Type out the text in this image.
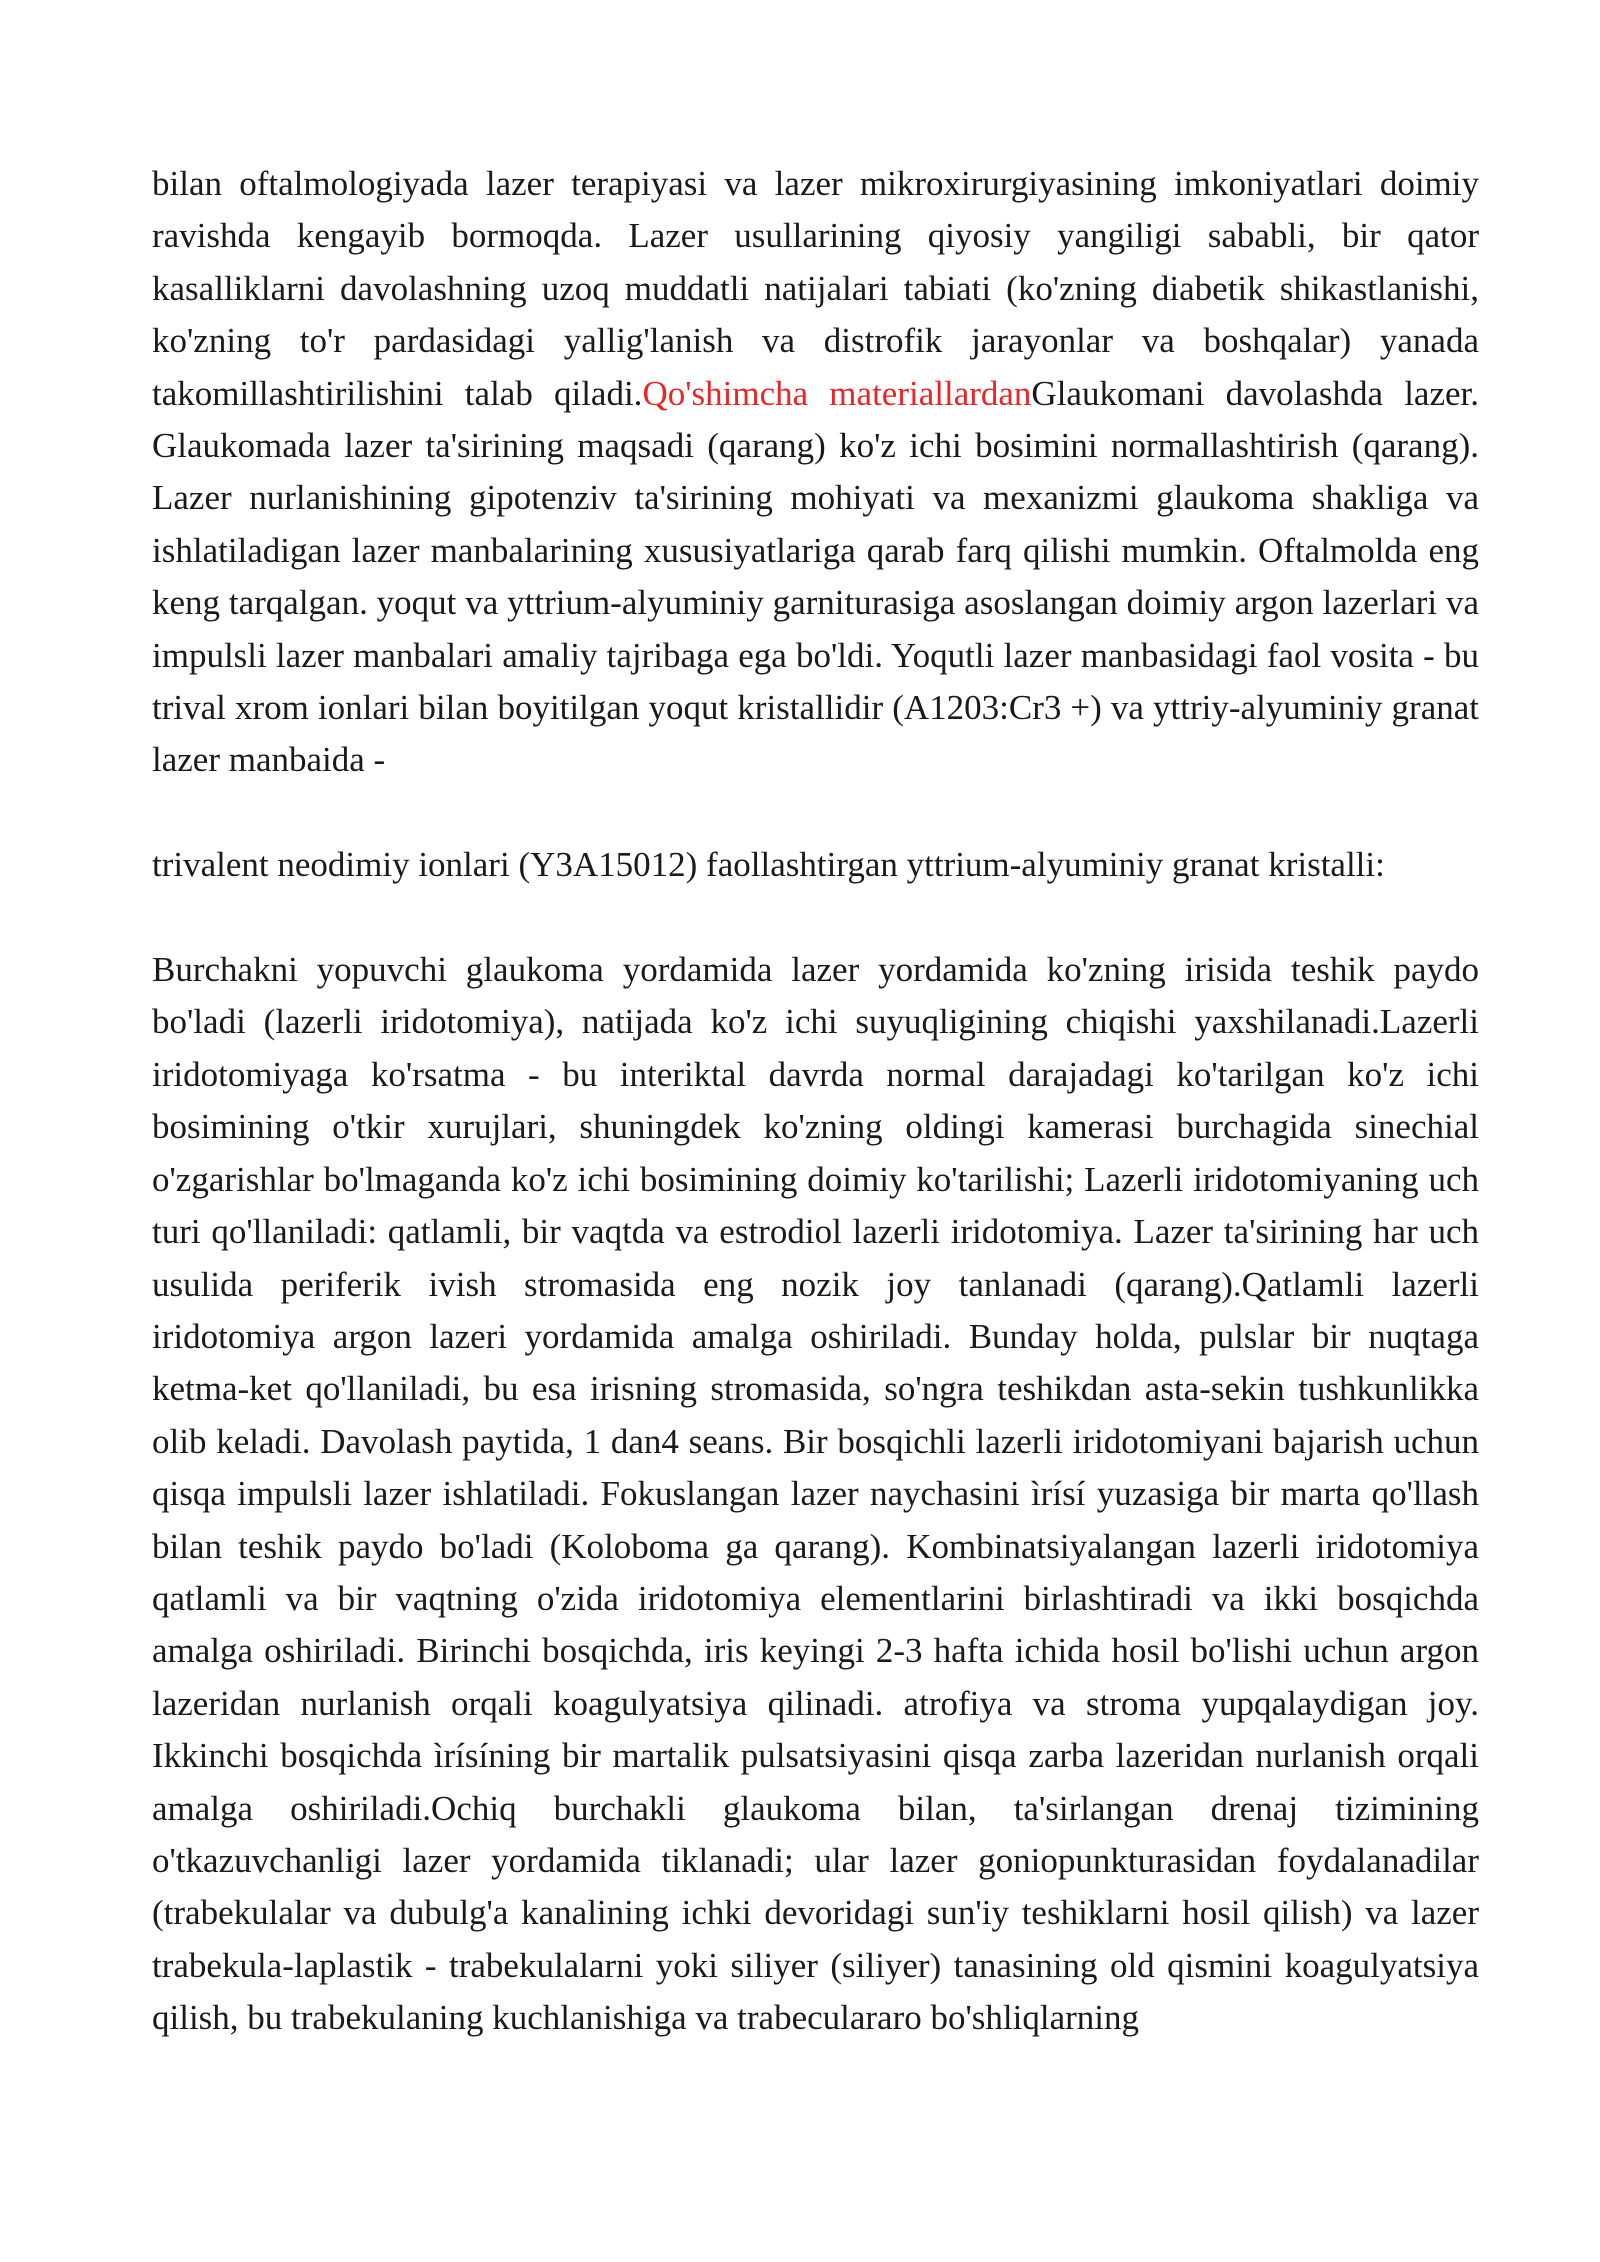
bilan oftalmologiyada lazer terapiyasi va lazer mikroxirurgiyasining imkoniyatlari doimiy ravishda kengayib bormoqda. Lazer usullarining qiyosiy yangiligi sababli, bir qator kasalliklarni davolashning uzoq muddatli natijalari tabiati (ko'zning diabetik shikastlanishi, ko'zning to'r pardasidagi yallig'lanish va distrofik jarayonlar va boshqalar) yanada takomillashtirilishini talab qiladi.Qo'shimcha materiallardanGlaukomani davolashda lazer. Glaukomada lazer ta'sirining maqsadi (qarang) ko'z ichi bosimini normallashtirish (qarang). Lazer nurlanishining gipotenziv ta'sirining mohiyati va mexanizmi glaukoma shakliga va ishlatiladigan lazer manbalarining xususiyatlariga qarab farq qilishi mumkin. Oftalmolda eng keng tarqalgan. yoqut va yttrium-alyuminiy garniturasiga asoslangan doimiy argon lazerlari va impulsli lazer manbalari amaliy tajribaga ega bo'ldi. Yoqutli lazer manbasidagi faol vosita - bu trival xrom ionlari bilan boyitilgan yoqut kristallidir (A1203:Cr3 +) va yttriy-alyuminiy granat lazer manbaida -

trivalent neodimiy ionlari (Y3A15012) faollashtirgan yttrium-alyuminiy granat kristalli:

Burchakni yopuvchi glaukoma yordamida lazer yordamida ko'zning irisida teshik paydo bo'ladi (lazerli iridotomiya), natijada ko'z ichi suyuqligining chiqishi yaxshilanadi.Lazerli iridotomiyaga ko'rsatma - bu interiktal davrda normal darajadagi ko'tarilgan ko'z ichi bosimining o'tkir xurujlari, shuningdek ko'zning oldingi kamerasi burchagida sinechial o'zgarishlar bo'lmaganda ko'z ichi bosimining doimiy ko'tarilishi; Lazerli iridotomiyaning uch turi qo'llaniladi: qatlamli, bir vaqtda va estrodiol lazerli iridotomiya. Lazer ta'sirining har uch usulida periferik ivish stromasida eng nozik joy tanlanadi (qarang).Qatlamli lazerli iridotomiya argon lazeri yordamida amalga oshiriladi. Bunday holda, pulslar bir nuqtaga ketma-ket qo'llaniladi, bu esa irisning stromasida, so'ngra teshikdan asta-sekin tushkunlikka olib keladi. Davolash paytida, 1 dan4 seans. Bir bosqichli lazerli iridotomiyani bajarish uchun qisqa impulsli lazer ishlatiladi. Fokuslangan lazer naychasini ìrísí yuzasiga bir marta qo'llash bilan teshik paydo bo'ladi (Koloboma ga qarang). Kombinatsiyalangan lazerli iridotomiya qatlamli va bir vaqtning o'zida iridotomiya elementlarini birlashtiradi va ikki bosqichda amalga oshiriladi. Birinchi bosqichda, iris keyingi 2-3 hafta ichida hosil bo'lishi uchun argon lazeridan nurlanish orqali koagulyatsiya qilinadi. atrofiya va stroma yupqalaydigan joy. Ikkinchi bosqichda ìrísíning bir martalik pulsatsiyasini qisqa zarba lazeridan nurlanish orqali amalga oshiriladi.Ochiq burchakli glaukoma bilan, ta'sirlangan drenaj tizimining o'tkazuvchanligi lazer yordamida tiklanadi; ular lazer goniopunkturasidan foydalanadilar (trabekulalar va dubulg'a kanalining ichki devoridagi sun'iy teshiklarni hosil qilish) va lazer trabekula-laplastik - trabekulalarni yoki siliyer (siliyer) tanasining old qismini koagulyatsiya qilish, bu trabekulaning kuchlanishiga va trabeculararo bo'shliqlarning
